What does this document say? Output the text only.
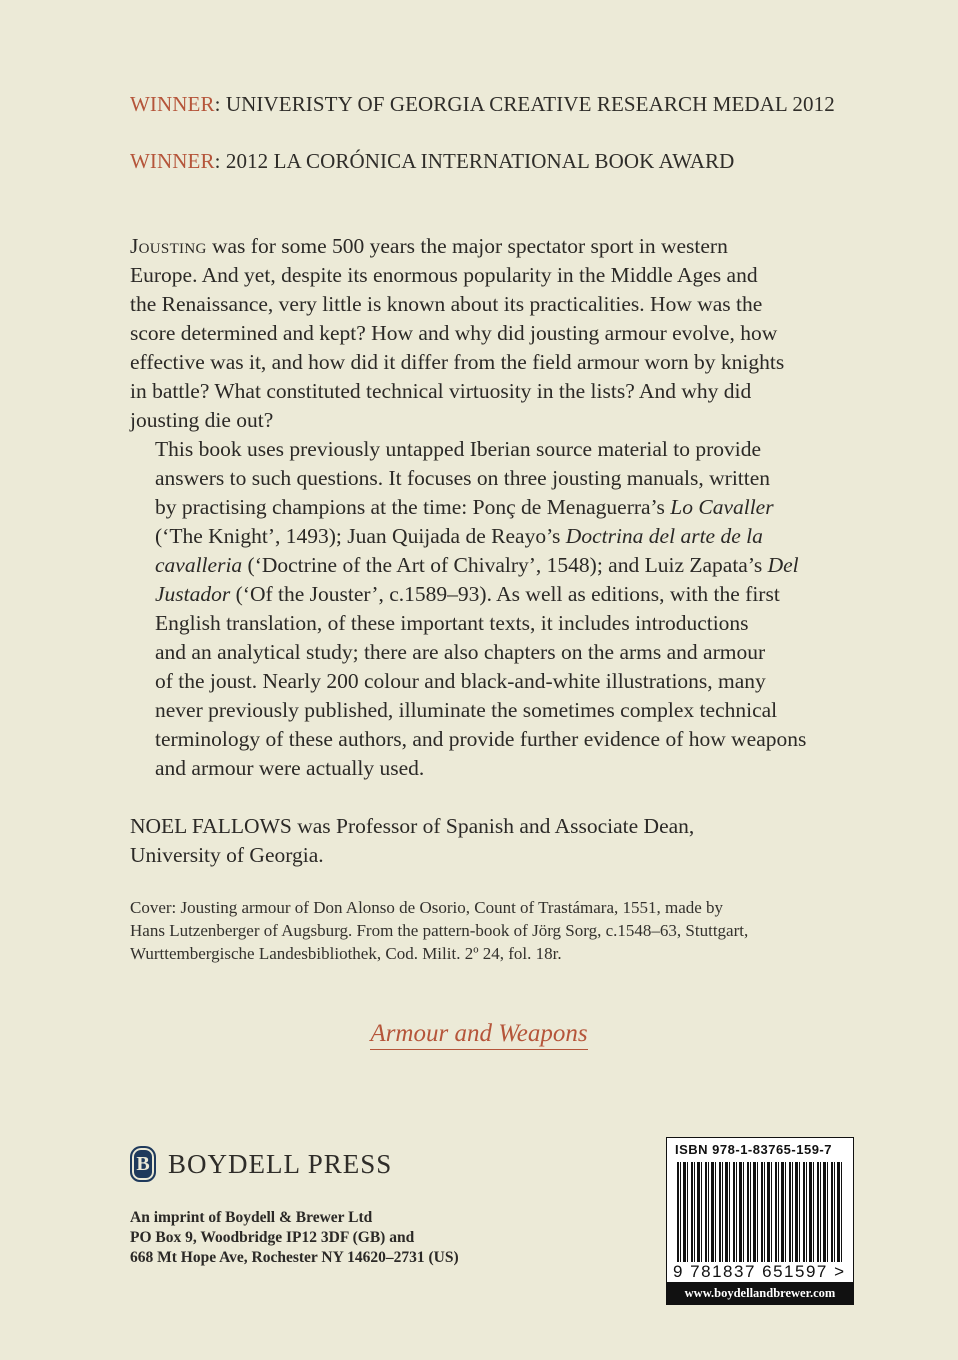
WINNER: UNIVERISTY OF GEORGIA CREATIVE RESEARCH MEDAL 2012
WINNER: 2012 LA CORÓNICA INTERNATIONAL BOOK AWARD

Jousting was for some 500 years the major spectator sport in western
Europe. And yet, despite its enormous popularity in the Middle Ages and
the Renaissance, very little is known about its practicalities. How was the
score determined and kept? How and why did jousting armour evolve, how
effective was it, and how did it differ from the field armour worn by knights
in battle? What constituted technical virtuosity in the lists? And why did
jousting die out?

This book uses previously untapped Iberian source material to provide
answers to such questions. It focuses on three jousting manuals, written
by practising champions at the time: Ponç de Menaguerra’s Lo Cavaller
(‘The Knight’, 1493); Juan Quijada de Reayo’s Doctrina del arte de la
cavalleria (‘Doctrine of the Art of Chivalry’, 1548); and Luiz Zapata’s Del
Justador (‘Of the Jouster’, c.1589–93). As well as editions, with the first
English translation, of these important texts, it includes introductions
and an analytical study; there are also chapters on the arms and armour
of the joust. Nearly 200 colour and black-and-white illustrations, many
never previously published, illuminate the sometimes complex technical
terminology of these authors, and provide further evidence of how weapons
and armour were actually used.

NOEL FALLOWS was Professor of Spanish and Associate Dean,
University of Georgia.
Cover: Jousting armour of Don Alonso de Osorio, Count of Trastámara, 1551, made by
Hans Lutzenberger of Augsburg. From the pattern-book of Jörg Sorg, c.1548–63, Stuttgart,
Wurttembergische Landesbibliothek, Cod. Milit. 2º 24, fol. 18r.
Armour and Weapons
B BOYDELL PRESS
An imprint of Boydell & Brewer Ltd
PO Box 9, Woodbridge IP12 3DF (GB) and
668 Mt Hope Ave, Rochester NY 14620–2731 (US)
ISBN 978-1-83765-159-7
9 781837 651597 >
www.boydellandbrewer.com
